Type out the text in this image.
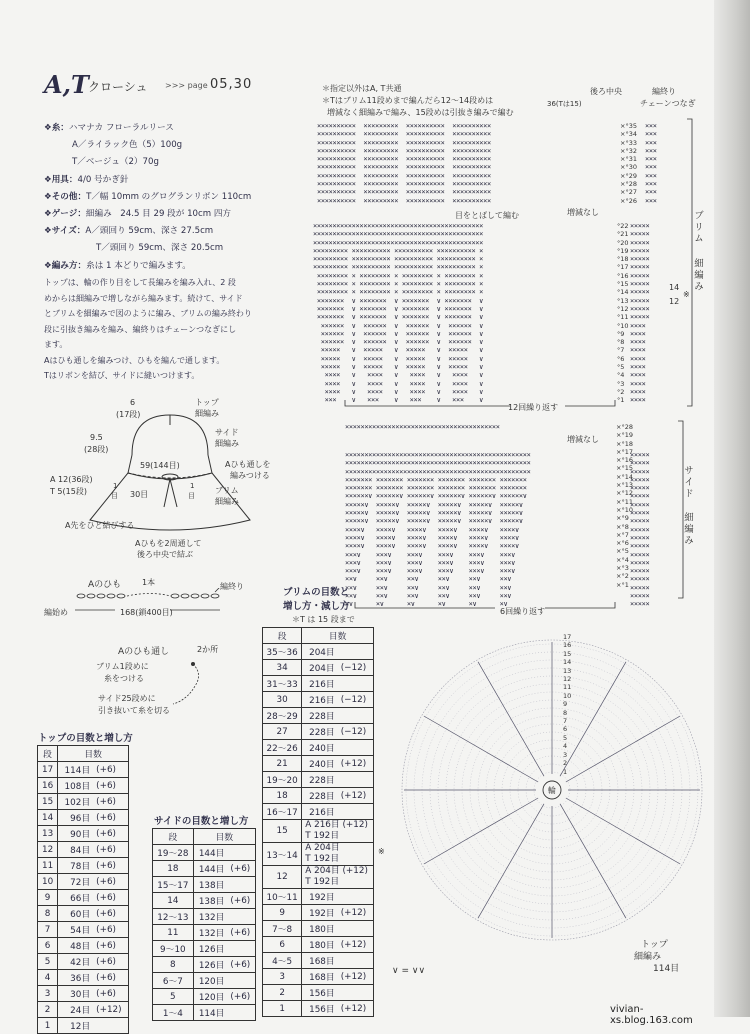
A,T クローシュ >>> page 05,30
❖糸：ハマナカ フローラルリース
A／ライラック色（5）100g
T／ベージュ（2）70g
❖用具：4/0 号かぎ針
❖その他：T／幅 10mm のグログランリボン 110cm
❖ゲージ：細編み　24.5 目 29 段が 10cm 四方
❖サイズ：A／頭回り 59cm、深さ 27.5cm
T／頭回り 59cm、深さ 20.5cm
❖編み方：糸は 1 本どりで編みます。
トップは、輪の作り目をして長編みを編み入れ、2 段
めからは細編みで増しながら編みます。続けて、サイド
とブリムを細編みで図のように編み、ブリムの編み終わり
段に引抜き編みを編み、編終りはチェーンつなぎにし
ます。
Aはひも通しを編みつけ、ひもを編んで通します。
Tはリボンを結び、サイドに縫いつけます。
6
(17段)
トップ
細編み
9.5
(28段)
サイド
細編み
59(144目)	Aひも通しを
編みつける
A 12(36段)
T 5(15段)
1
目 30目
1
目
ブリム
細編み
A先をひと結びする
Aひもを2周通して
後ろ中央で結ぶ
Aのひも	1本	編終り
編始め	168(鎖400目)
Aのひも通し	2か所
ブリム1段めに
糸をつける
サイド25段めに
引き抜いて糸を切る
トップの目数と増し方
段	目数	
17	114目	(+6)
16	108目	(+6)
15	102目	(+6)
14	96目	(+6)
13	90目	(+6)
12	84目	(+6)
11	78目	(+6)
10	72目	(+6)
9	66目	(+6)
8	60目	(+6)
7	54目	(+6)
6	48目	(+6)
5	42目	(+6)
4	36目	(+6)
3	30目	(+6)
2	24目	(+12)
1	12目	
サイドの目数と増し方
段	目数	
19〜28	144目	
18	144目	(+6)
15〜17	138目	
14	138目	(+6)
12〜13	132目	
11	132目	(+6)
9〜10	126目	
8	126目	(+6)
6〜7	120目	
5	120目	(+6)
1〜4	114目	
ブリムの目数と
増し方・減し方
＊T は 15 段まで
段	目数	
35〜36	204目	
34	204目	(−12)
31〜33	216目	
30	216目	(−12)
28〜29	228目	
27	228目	(−12)
22〜26	240目	
21	240目	(+12)
19〜20	228目	
18	228目	(+12)
16〜17	216目	
15	A 216目 (+12)
T 192目	

13〜14	A 204目
T 192目	

12	A 204目 (+12)
T 192目	

10〜11	192目	
9	192目	(+12)
7〜8	180目	
6	180目	(+12)
4〜5	168目	
3	168目	(+12)
2	156目	
1	156目	(+12)
※
＊指定以外はA, T共通
＊Tはブリム11段めまで編んだら12〜14段めは
増減なく細編みで編み、15段めは引抜き編みで編む
後ろ中央	編終り
チェーンつなぎ
36(Tは15)
××××××××××  ×××××××××  ××××××××××  ××××××××××
××××××××××  ×××××××××  ××××××××××  ××××××××××
××××××××××  ×××××××××  ××××××××××  ××××××××××
××××××××××  ×××××××××  ××××××××××  ××××××××××
××××××××××  ×××××××××  ××××××××××  ××××××××××
××××××××××  ×××××××××  ××××××××××  ××××××××××
××××××××××  ×××××××××  ××××××××××  ××××××××××
××××××××××  ×××××××××  ××××××××××  ××××××××××
××××××××××  ×××××××××  ××××××××××  ××××××××××
××××××××××  ×××××××××  ××××××××××  ××××××××××
×°35
×°34
×°33
×°32
×°31
×°30
×°29
×°28
×°27
×°26
×××
×××
×××
×××
×××
×××
×××
×××
×××
×××
目をとばして編む	増減なし
××××××××××××××××××××××××××××××××××××××××××××
××××××××××××××××××××××××××××××××××××××××××××
××××××××××××××××××××××××××××××××××××××××××××
××××××××× ×××××××××× ×××××××××× ×××××××××× ×
××××××××× ×××××××××× ×××××××××× ×××××××××× ×
××××××××× ×××××××××× ×××××××××× ×××××××××× ×
×××××××× × ×××××××× × ×××××××× × ×××××××× ×
×××××××× × ×××××××× × ×××××××× × ×××××××× ×
×××××××× × ×××××××× × ×××××××× × ×××××××× ×
×××××××  ∨ ×××××××  ∨ ×××××××  ∨ ×××××××  ∨
×××××××  ∨ ×××××××  ∨ ×××××××  ∨ ×××××××  ∨
×××××××  ∨ ×××××××  ∨ ×××××××  ∨ ×××××××  ∨
××××××  ∨  ××××××  ∨  ××××××  ∨  ××××××  ∨
××××××  ∨  ××××××  ∨  ××××××  ∨  ××××××  ∨
××××××  ∨  ××××××  ∨  ××××××  ∨  ××××××  ∨
×××××   ∨  ×××××   ∨  ×××××   ∨  ×××××   ∨
×××××   ∨  ×××××   ∨  ×××××   ∨  ×××××   ∨
×××××   ∨  ×××××   ∨  ×××××   ∨  ×××××   ∨
××××   ∨   ××××   ∨   ××××   ∨   ××××   ∨
××××   ∨   ××××   ∨   ××××   ∨   ××××   ∨
××××   ∨   ××××   ∨   ××××   ∨   ××××   ∨
×××    ∨   ×××    ∨   ×××    ∨   ×××    ∨
°22
°21
°20
°19
°18
°17
°16
°15
°14
°13
°12
°11
°10
°9
°8
°7
°6
°5
°4
°3
°2
°1
×××××
×××××
×××××
×××××
×××××
×××××
×××××
×××××
×××××
×××××
×××××
×××××
××××
××××
××××
××××
××××
××××
××××
××××
××××
××××
14
12
※
ブリム
細編み
12回繰り返す
××××××××××××××××××××××××××××××××××××××××
増減なし
××××××××××××××××××××××××××××××××××××××××××××××××
××××××××××××××××××××××××××××××××××××××××××××××××
××××××××××××××××××××××××××××××××××××××××××××××××
××××××× ××××××× ××××××× ××××××× ××××××× ×××××××
××××××× ××××××× ××××××× ××××××× ××××××× ×××××××
××××××∨ ××××××∨ ××××××∨ ××××××∨ ××××××∨ ××××××∨
×××××∨  ×××××∨  ×××××∨  ×××××∨  ×××××∨  ×××××∨
×××××∨  ×××××∨  ×××××∨  ×××××∨  ×××××∨  ×××××∨
×××××∨  ×××××∨  ×××××∨  ×××××∨  ×××××∨  ×××××∨
××××∨   ××××∨   ××××∨   ××××∨   ××××∨   ××××∨
××××∨   ××××∨   ××××∨   ××××∨   ××××∨   ××××∨
××××∨   ××××∨   ××××∨   ××××∨   ××××∨   ××××∨
×××∨    ×××∨    ×××∨    ×××∨    ×××∨    ×××∨
×××∨    ×××∨    ×××∨    ×××∨    ×××∨    ×××∨
×××∨    ×××∨    ×××∨    ×××∨    ×××∨    ×××∨
××∨     ××∨     ××∨     ××∨     ××∨     ××∨
××∨     ××∨     ××∨     ××∨     ××∨     ××∨
××∨     ××∨     ××∨     ××∨     ××∨     ××∨
×∨      ×∨      ×∨      ×∨      ×∨      ×∨
×°28
×°19
×°18
×°17
×°16
×°15
×°14
×°13
×°12
×°11
×°10
×°9
×°8
×°7
×°6
×°5
×°4
×°3
×°2
×°1
×××××
×××××
×××××
×××××
×××××
×××××
×××××
×××××
×××××
×××××
×××××
×××××
×××××
×××××
×××××
×××××
×××××
×××××
×××××
サイド
細編み
6回繰り返す
輪
17
16
15
14
13
12
11
10
9
8
7
6
5
4
3
2
1
トップ
細編み
114目
∨ = ∨∨
vivian-xs.blog.163.com
